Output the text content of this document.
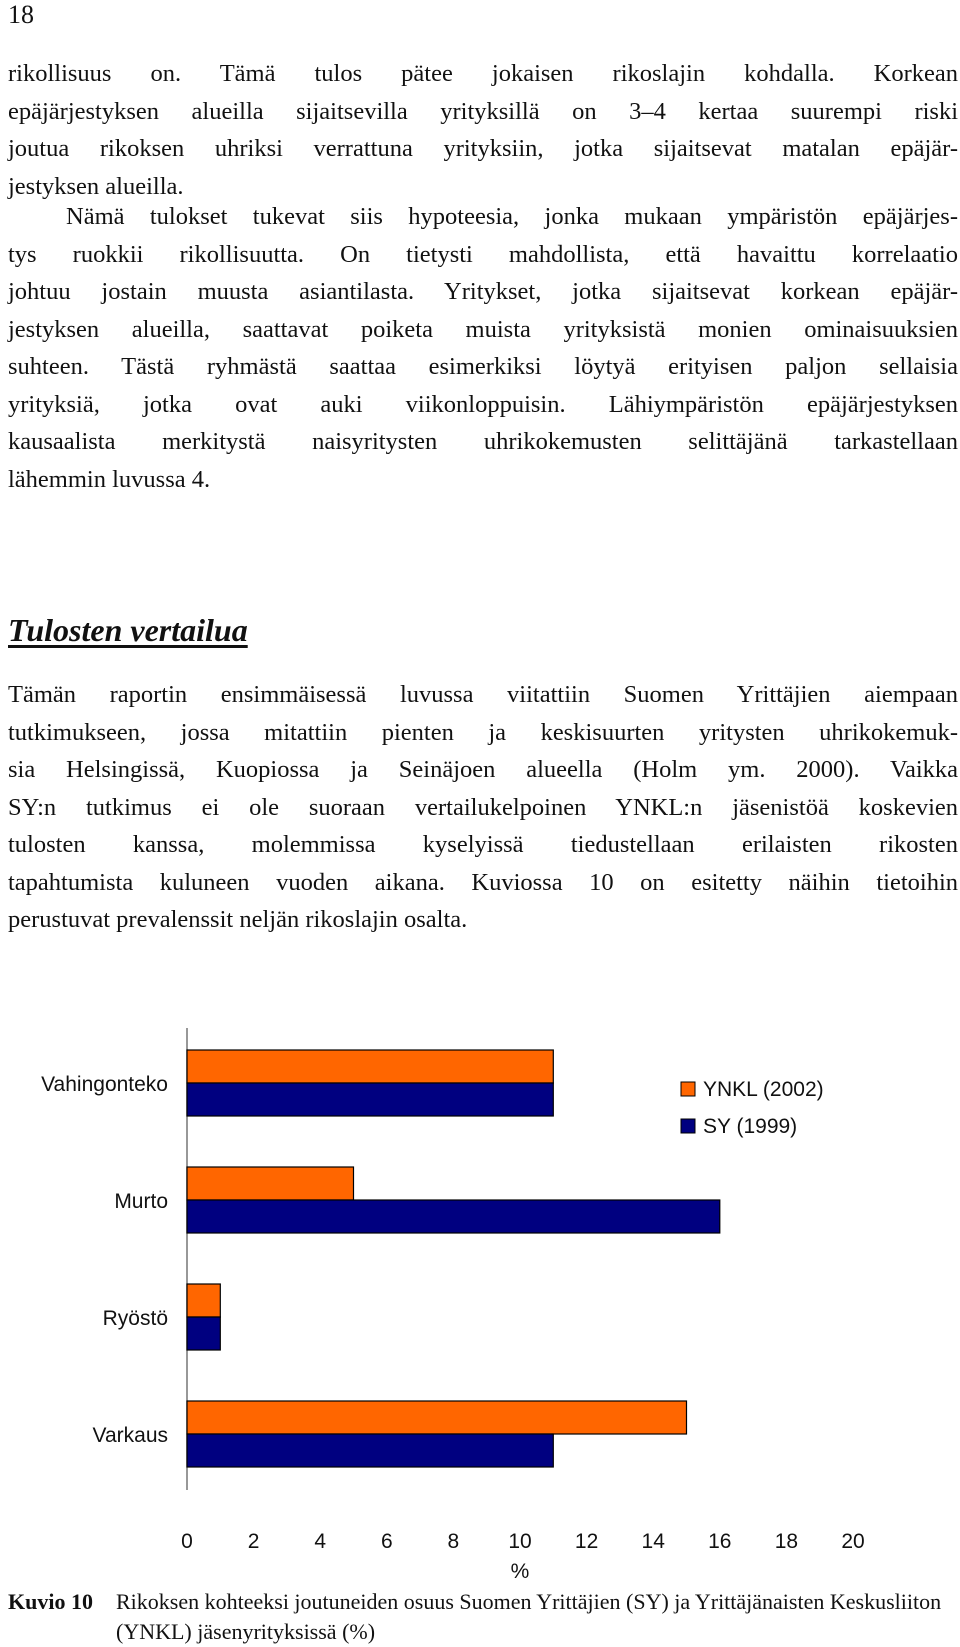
18
rikollisuus on. Tämä tulos pätee jokaisen rikoslajin kohdalla. Korkean
epäjärjestyksen alueilla sijaitsevilla yrityksillä on 3–4 kertaa suurempi riski
joutua rikoksen uhriksi verrattuna yrityksiin, jotka sijaitsevat matalan epäjär-
jestyksen alueilla.
Nämä tulokset tukevat siis hypoteesia, jonka mukaan ympäristön epäjärjes-
tys ruokkii rikollisuutta. On tietysti mahdollista, että havaittu korrelaatio
johtuu jostain muusta asiantilasta. Yritykset, jotka sijaitsevat korkean epäjär-
jestyksen alueilla, saattavat poiketa muista yrityksistä monien ominaisuuksien
suhteen. Tästä ryhmästä saattaa esimerkiksi löytyä erityisen paljon sellaisia
yrityksiä, jotka ovat auki viikonloppuisin. Lähiympäristön epäjärjestyksen
kausaalista merkitystä naisyritysten uhrikokemusten selittäjänä tarkastellaan
lähemmin luvussa 4.
Tulosten vertailua
Tämän raportin ensimmäisessä luvussa viitattiin Suomen Yrittäjien aiempaan
tutkimukseen, jossa mitattiin pienten ja keskisuurten yritysten uhrikokemuk-
sia Helsingissä, Kuopiossa ja Seinäjoen alueella (Holm ym. 2000). Vaikka
SY:n tutkimus ei ole suoraan vertailukelpoinen YNKL:n jäsenistöä koskevien
tulosten kanssa, molemmissa kyselyissä tiedustellaan erilaisten rikosten
tapahtumista kuluneen vuoden aikana. Kuviossa 10 on esitetty näihin tietoihin
perustuvat prevalenssit neljän rikoslajin osalta.
Vahingonteko
Murto
Ryöstö
Varkaus
0	2	4	6	8 10 12 14 16 18 20
%
YNKL (2002)
SY (1999)
Kuvio 10 Rikoksen kohteeksi joutuneiden osuus Suomen Yrittäjien (SY) ja Yrittäjänaisten Keskusliiton (YNKL) jäsenyrityksissä (%)
